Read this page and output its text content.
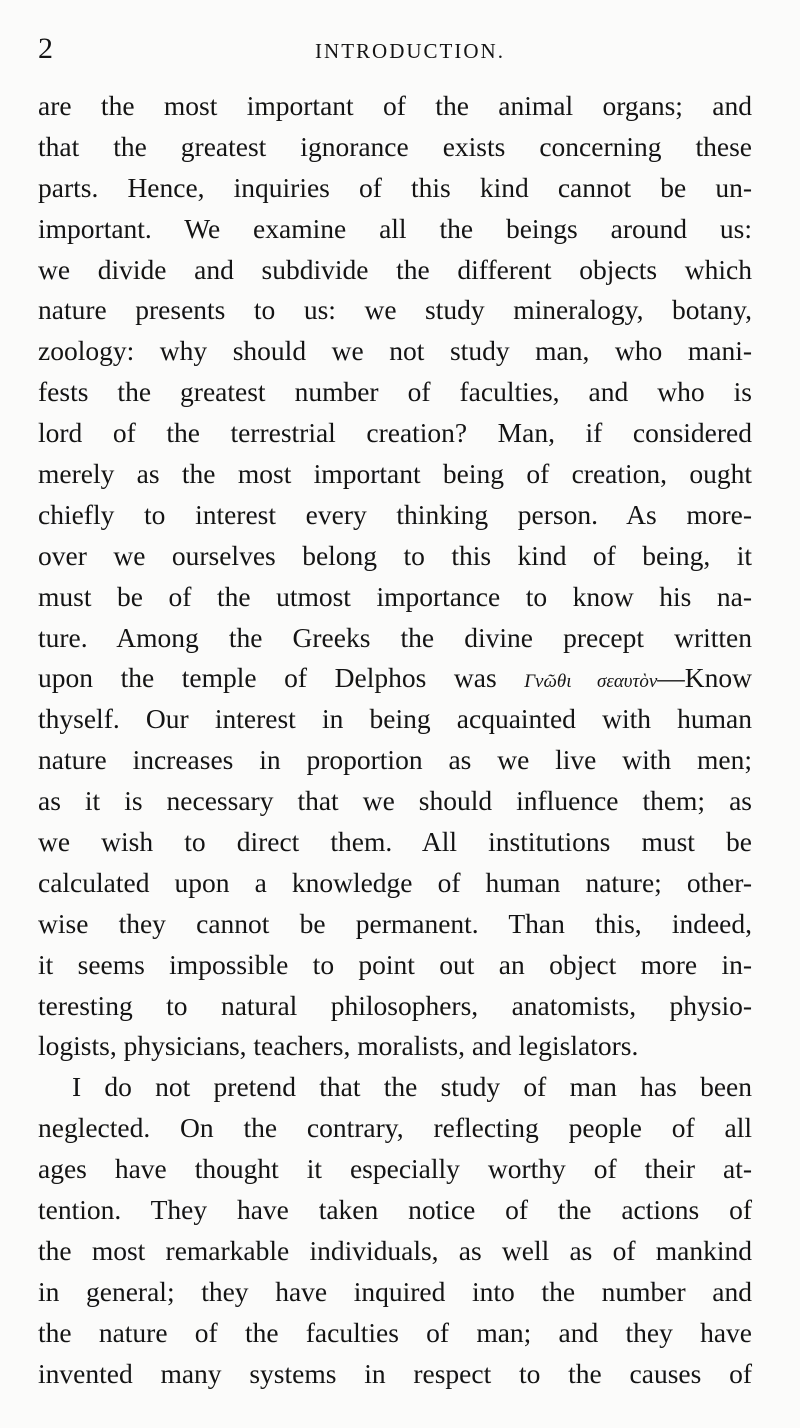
2	INTRODUCTION.
are the most important of the animal organs; and
that the greatest ignorance exists concerning these
parts. Hence, inquiries of this kind cannot be un-
important. We examine all the beings around us:
we divide and subdivide the different objects which
nature presents to us: we study mineralogy, botany,
zoology: why should we not study man, who mani-
fests the greatest number of faculties, and who is
lord of the terrestrial creation? Man, if considered
merely as the most important being of creation, ought
chiefly to interest every thinking person. As more-
over we ourselves belong to this kind of being, it
must be of the utmost importance to know his na-
ture. Among the Greeks the divine precept written
upon the temple of Delphos was Γνῶθι σεαυτὸν—Know
thyself. Our interest in being acquainted with human
nature increases in proportion as we live with men;
as it is necessary that we should influence them; as
we wish to direct them. All institutions must be
calculated upon a knowledge of human nature; other-
wise they cannot be permanent. Than this, indeed,
it seems impossible to point out an object more in-
teresting to natural philosophers, anatomists, physio-
logists, physicians, teachers, moralists, and legislators.
I do not pretend that the study of man has been
neglected. On the contrary, reflecting people of all
ages have thought it especially worthy of their at-
tention. They have taken notice of the actions of
the most remarkable individuals, as well as of mankind
in general; they have inquired into the number and
the nature of the faculties of man; and they have
invented many systems in respect to the causes of
